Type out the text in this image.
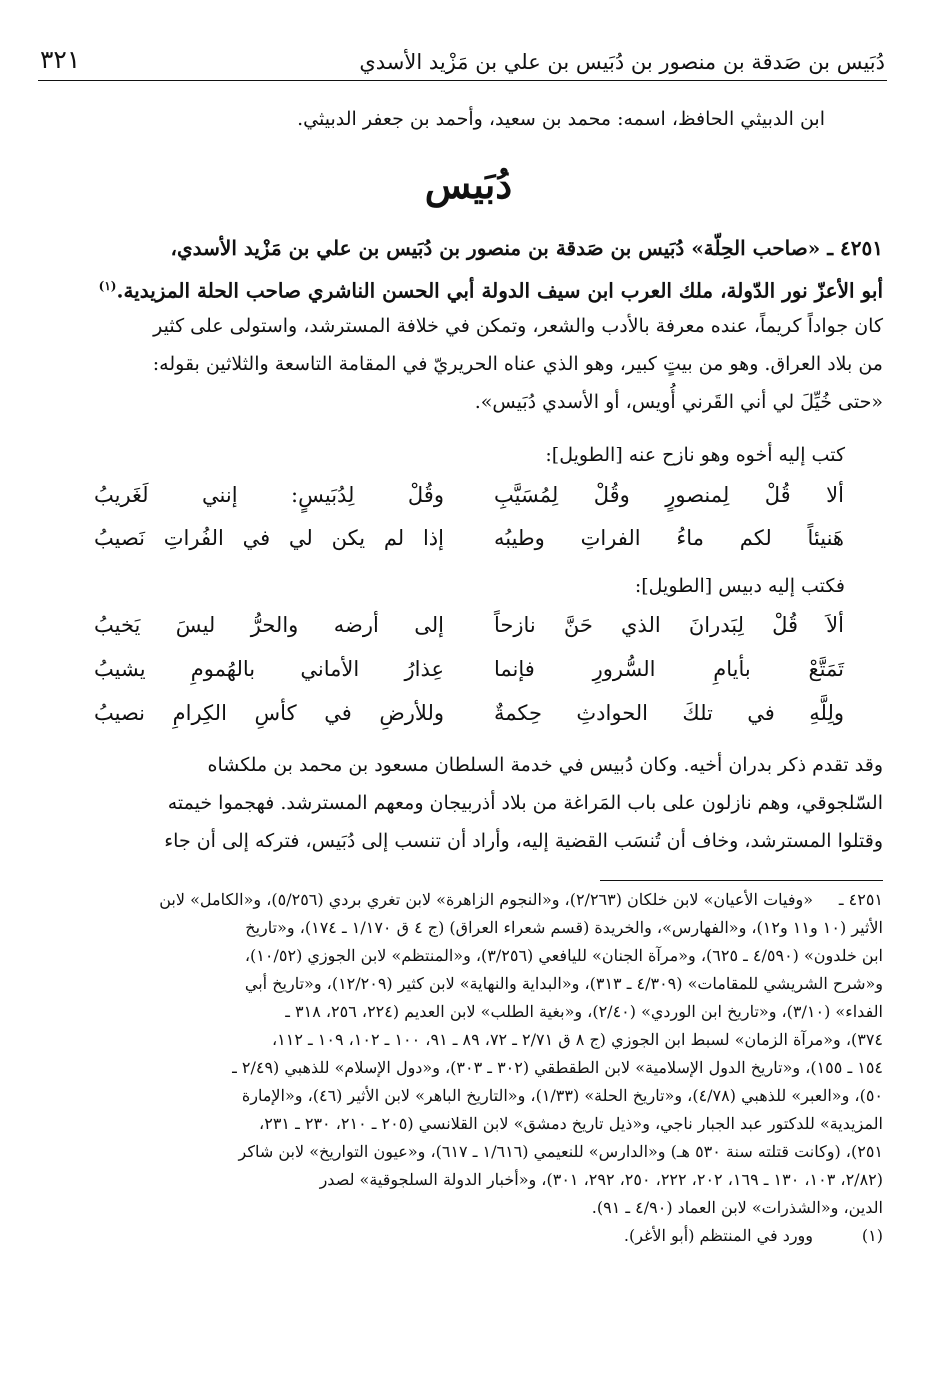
٣٢١	دُبَيس بن صَدقة بن منصور بن دُبَيس بن علي بن مَزْيد الأسدي
ابن الدبيثي الحافظ، اسمه: محمد بن سعيد، وأحمد بن جعفر الدبيثي.
دُبَيس
٤٢٥١ ـ «صاحب الحِلّة» دُبَيس بن صَدقة بن منصور بن دُبَيس بن علي بن مَزْيد الأسدي،
أبو الأعزّ نور الدّولة، ملك العرب ابن سيف الدولة أبي الحسن الناشري صاحب الحلة المزيدية.$^{(١)}$
كان جواداً كريماً، عنده معرفة بالأدب والشعر، وتمكن في خلافة المسترشد، واستولى على كثير
من بلاد العراق. وهو من بيتٍ كبير، وهو الذي عناه الحريريّ في المقامة التاسعة والثلاثين بقوله:
«حتى خُيِّلَ لي أني القَرني أُويس، أو الأسدي دُبَيس».
كتب إليه أخوه وهو نازح عنه [الطويل]:
ألا قُلْ لِمنصورٍ وقُلْ لِمُسَيَّبِ
وقُلْ لِدُبَيسٍ: إنني لَغَريبُ
هَنيئاً لكم ماءُ الفراتِ وطيبُه
إذا لم يكن لي في الفُراتِ نَصيبُ
فكتب إليه دبيس [الطويل]:
ألاَ قُلْ لِبَدرانَ الذي حَنَّ نازحاً
إلى أرضه والحرُّ ليسَ يَخيبُ
تَمَتَّعْ بأيامِ السُّرورِ فإنما
عِذارُ الأماني بالهُمومِ يشيبُ
ولِلَّهِ في تلكَ الحوادثِ حِكمةٌ
وللأرضِ في كأسِ الكِرامِ نصيبُ
وقد تقدم ذكر بدران أخيه. وكان دُبيس في خدمة السلطان مسعود بن محمد بن ملكشاه
السّلجوقي، وهم نازلون على باب المَراغة من بلاد أذربيجان ومعهم المسترشد. فهجموا خيمته
وقتلوا المسترشد، وخاف أن تُنسَب القضية إليه، وأراد أن تنسب إلى دُبَيس، فتركه إلى أن جاء
٤٢٥١ ـ«وفيات الأعيان» لابن خلكان (٢/٢٦٣)، و«النجوم الزاهرة» لابن تغري بردي (٥/٢٥٦)، و«الكامل» لابن
الأثير (١٠ و١١ و١٢)، و«الفهارس»، والخريدة (قسم شعراء العراق) (ج ٤ ق ١/١٧٠ ـ ١٧٤)، و«تاريخ
ابن خلدون» (٤/٥٩٠ ـ ٦٢٥)، و«مرآة الجنان» لليافعي (٣/٢٥٦)، و«المنتظم» لابن الجوزي (١٠/٥٢)،
و«شرح الشريشي للمقامات» (٤/٣٠٩ ـ ٣١٣)، و«البداية والنهاية» لابن كثير (١٢/٢٠٩)، و«تاريخ أبي
الفداء» (٣/١٠)، و«تاريخ ابن الوردي» (٢/٤٠)، و«بغية الطلب» لابن العديم (٢٢٤، ٢٥٦، ٣١٨ ـ
٣٧٤)، و«مرآة الزمان» لسبط ابن الجوزي (ج ٨ ق ٢/٧١ ـ ٧٢، ٨٩ ـ ٩١، ١٠٠ ـ ١٠٢، ١٠٩ ـ ١١٢،
١٥٤ ـ ١٥٥)، و«تاريخ الدول الإسلامية» لابن الطقطقي (٣٠٢ ـ ٣٠٣)، و«دول الإسلام» للذهبي (٢/٤٩ ـ
٥٠)، و«العبر» للذهبي (٤/٧٨)، و«تاريخ الحلة» (١/٣٣)، و«التاريخ الباهر» لابن الأثير (٤٦)، و«الإمارة
المزيدية» للدكتور عبد الجبار ناجي، و«ذيل تاريخ دمشق» لابن القلانسي (٢٠٥ ـ ٢١٠، ٢٣٠ ـ ٢٣١،
٢٥١)، (وكانت قتلته سنة ٥٣٠ هـ) و«الدارس» للنعيمي (١/٦١٦ ـ ٦١٧)، و«عيون التواريخ» لابن شاكر
(٢/٨٢، ١٠٣، ١٣٠ ـ ١٦٩، ٢٠٢، ٢٢٢، ٢٥٠، ٢٩٢، ٣٠١)، و«أخبار الدولة السلجوقية» لصدر
الدين، و«الشذرات» لابن العماد (٤/٩٠ ـ ٩١).
(١)وورد في المنتظم (أبو الأغر).
